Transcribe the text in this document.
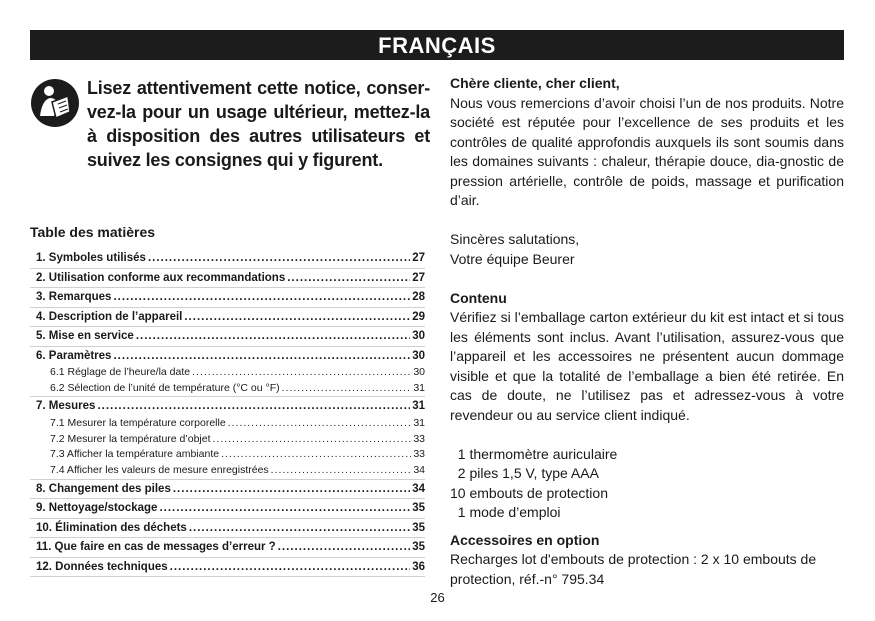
FRANÇAIS
Lisez attentivement cette notice, conser-vez-la pour un usage ultérieur, mettez-la à disposition des autres utilisateurs et suivez les consignes qui y figurent.
Table des matières
1. Symboles utilisés .....	27
2. Utilisation conforme aux recommandations .....	27
3. Remarques .....	28
4. Description de l’appareil .....	29
5. Mise en service .....	30
6. Paramètres .....	30
6.1 Réglage de l’heure/la date .....	30
6.2 Sélection de l’unité de température (°C ou °F) .....	31
7. Mesures .....	31
7.1 Mesurer la température corporelle .....	31
7.2 Mesurer la température d’objet .....	33
7.3 Afficher la température ambiante .....	33
7.4 Afficher les valeurs de mesure enregistrées .....	34
8. Changement des piles .....	34
9. Nettoyage/stockage .....	35
10. Élimination des déchets .....	35
11. Que faire en cas de messages d’erreur ? .....	35
12. Données techniques .....	36

Chère cliente, cher client,

Nous vous remercions d’avoir choisi l’un de nos produits. Notre société est réputée pour l’excellence de ses produits et les contrôles de qualité approfondis auxquels ils sont soumis dans les domaines suivants : chaleur, thérapie douce, dia-gnostic de pression artérielle, contrôle de poids, massage et purification d’air.

Sincères salutations,

Votre équipe Beurer

Contenu

Vérifiez si l’emballage carton extérieur du kit est intact et si tous les éléments sont inclus. Avant l’utilisation, assurez-vous que l’appareil et les accessoires ne présentent aucun dommage visible et que la totalité de l’emballage a bien été retirée. En cas de doute, ne l’utilisez pas et adressez-vous à votre revendeur ou au service client indiqué.

1 thermomètre auriculaire

2 piles 1,5 V, type AAA

10 embouts de protection

1 mode d’emploi

Accessoires en option

Recharges lot d'embouts de protection : 2 x 10 embouts de protection, réf.-n° 795.34

26
